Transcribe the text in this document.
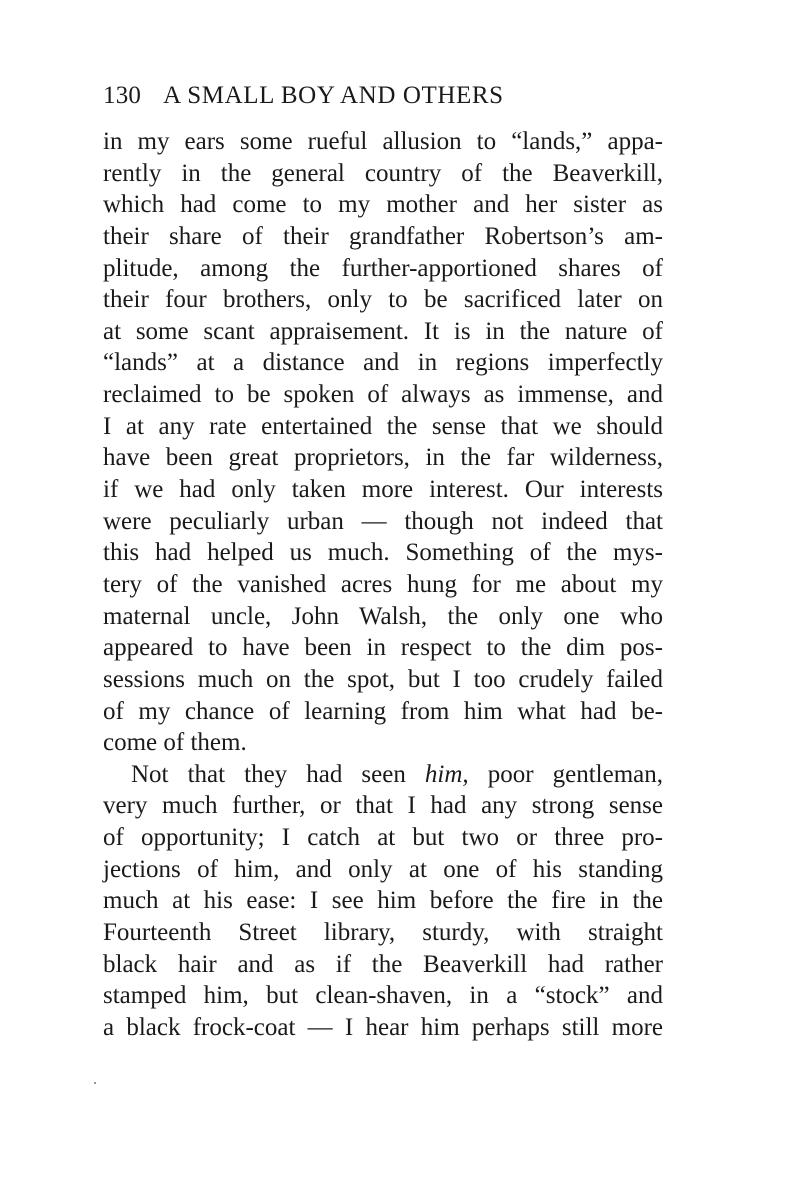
130 A SMALL BOY AND OTHERS
in my ears some rueful allusion to “lands,” appa-
rently in the general country of the Beaverkill,
which had come to my mother and her sister as
their share of their grandfather Robertson’s am-
plitude, among the further-apportioned shares of
their four brothers, only to be sacrificed later on
at some scant appraisement. It is in the nature of
“lands” at a distance and in regions imperfectly
reclaimed to be spoken of always as immense, and
I at any rate entertained the sense that we should
have been great proprietors, in the far wilderness,
if we had only taken more interest. Our interests
were peculiarly urban — though not indeed that
this had helped us much. Something of the mys-
tery of the vanished acres hung for me about my
maternal uncle, John Walsh, the only one who
appeared to have been in respect to the dim pos-
sessions much on the spot, but I too crudely failed
of my chance of learning from him what had be-
come of them.
Not that they had seen him, poor gentleman,
very much further, or that I had any strong sense
of opportunity; I catch at but two or three pro-
jections of him, and only at one of his standing
much at his ease: I see him before the fire in the
Fourteenth Street library, sturdy, with straight
black hair and as if the Beaverkill had rather
stamped him, but clean-shaven, in a “stock” and
a black frock-coat — I hear him perhaps still more
